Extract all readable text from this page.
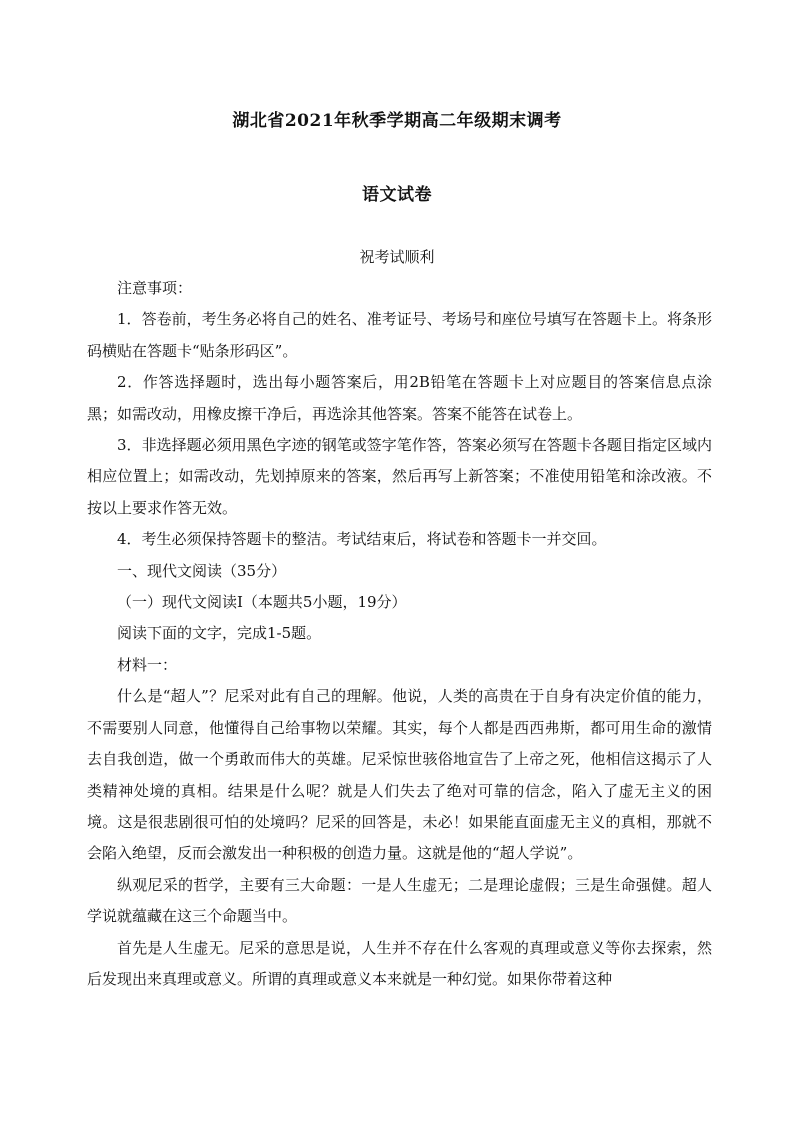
湖北省2021年秋季学期高二年级期末调考
语文试卷
祝考试顺利

注意事项：

1．答卷前，考生务必将自己的姓名、准考证号、考场号和座位号填写在答题卡上。将条形码横贴在答题卡“贴条形码区”。

2．作答选择题时，选出每小题答案后，用2B铅笔在答题卡上对应题目的答案信息点涂黑；如需改动，用橡皮擦干净后，再选涂其他答案。答案不能答在试卷上。

3．非选择题必须用黑色字迹的钢笔或签字笔作答，答案必须写在答题卡各题目指定区域内相应位置上；如需改动，先划掉原来的答案，然后再写上新答案；不准使用铅笔和涂改液。不按以上要求作答无效。

4．考生必须保持答题卡的整洁。考试结束后，将试卷和答题卡一并交回。

一、现代文阅读（35分）

（一）现代文阅读I（本题共5小题，19分）

阅读下面的文字，完成1-5题。

材料一：

什么是“超人”？尼采对此有自己的理解。他说，人类的高贵在于自身有决定价值的能力，不需要别人同意，他懂得自己给事物以荣耀。其实，每个人都是西西弗斯，都可用生命的激情去自我创造，做一个勇敢而伟大的英雄。尼采惊世骇俗地宣告了上帝之死，他相信这揭示了人类精神处境的真相。结果是什么呢？就是人们失去了绝对可靠的信念，陷入了虚无主义的困境。这是很悲剧很可怕的处境吗？尼采的回答是，未必！如果能直面虚无主义的真相，那就不会陷入绝望，反而会激发出一种积极的创造力量。这就是他的“超人学说”。

纵观尼采的哲学，主要有三大命题：一是人生虚无；二是理论虚假；三是生命强健。超人学说就蕴藏在这三个命题当中。

首先是人生虚无。尼采的意思是说，人生并不存在什么客观的真理或意义等你去探索，然后发现出来真理或意义。所谓的真理或意义本来就是一种幻觉。如果你带着这种
